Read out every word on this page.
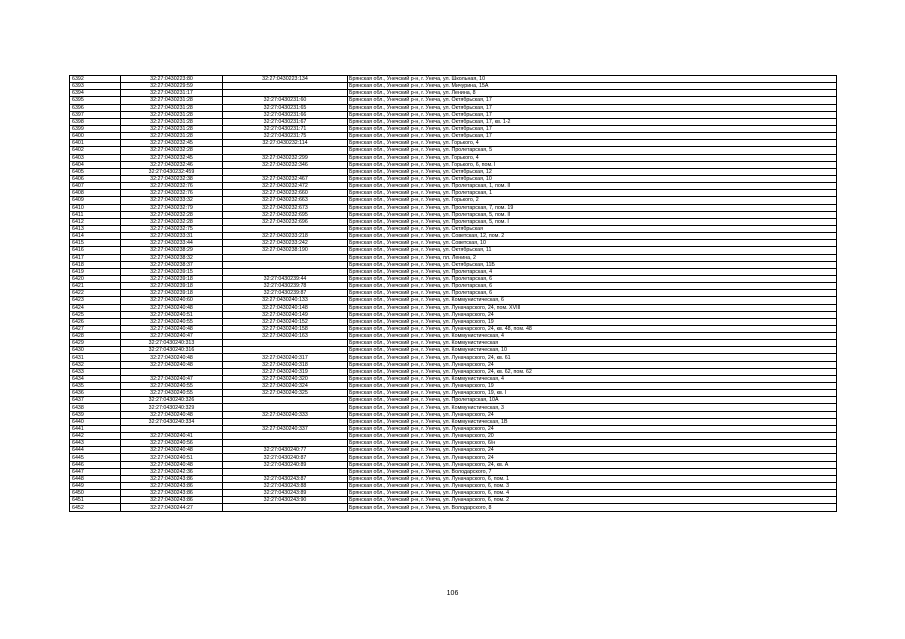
6392	32:27:0430223:80	32:27:0430223:134	Брянская обл., Унечский р-н, г. Унеча, ул. Школьная, 10
6393	32:27:0430229:59		Брянская обл., Унечский р-н, г. Унеча, ул. Мичурина, 15А
6394	32:27:0430231:17		Брянская обл., Унечский р-н, г. Унеча, ул. Ленина, 8
6395	32:27:0430231:28	32:27:0430231:60	Брянская обл., Унечский р-н, г. Унеча, ул. Октябрьская, 17
6396	32:27:0430231:28	32:27:0430231:65	Брянская обл., Унечский р-н, г. Унеча, ул. Октябрьская, 17
6397	32:27:0430231:28	32:27:0430231:66	Брянская обл., Унечский р-н, г. Унеча, ул. Октябрьская, 17
6398	32:27:0430231:28	32:27:0430231:67	Брянская обл., Унечский р-н, г. Унеча, ул. Октябрьская, 17, кв. 1-2
6399	32:27:0430231:28	32:27:0430231:71	Брянская обл., Унечский р-н, г. Унеча, ул. Октябрьская, 17
6400	32:27:0430231:28	32:27:0430231:75	Брянская обл., Унечский р-н, г. Унеча, ул. Октябрьская, 17
6401	32:27:0430232:45	32:27:0430232:114	Брянская обл., Унечский р-н, г. Унеча, ул. Горького, 4
6402	32:27:0430232:28		Брянская обл., Унечский р-н, г. Унеча, ул. Пролетарская, 5
6403	32:27:0430232:45	32:27:0430232:299	Брянская обл., Унечский р-н, г. Унеча, ул. Горького, 4
6404	32:27:0430232:46	32:27:0430232:346	Брянская обл., Унечский р-н, г. Унеча, ул. Горького, 6, пом. I
6405	32:27:0430232:459		Брянская обл., Унечский р-н, г. Унеча, ул. Октябрьская, 12
6406	32:27:0430232:38	32:27:0430232:467	Брянская обл., Унечский р-н, г. Унеча, ул. Октябрьская, 10
6407	32:27:0430232:76	32:27:0430232:472	Брянская обл., Унечский р-н, г. Унеча, ул. Пролетарская, 1, пом. II
6408	32:27:0430232:76	32:27:0430232:660	Брянская обл., Унечский р-н, г. Унеча, ул. Пролетарская, 1
6409	32:27:0430233:32	32:27:0430232:663	Брянская обл., Унечский р-н, г. Унеча, ул. Горького, 2
6410	32:27:0430232:79	32:27:0430232:673	Брянская обл., Унечский р-н, г. Унеча, ул. Пролетарская, 7, пом. 19
6411	32:27:0430232:28	32:27:0430232:695	Брянская обл., Унечский р-н, г. Унеча, ул. Пролетарская, 5, пом. II
6412	32:27:0430232:28	32:27:0430232:696	Брянская обл., Унечский р-н, г. Унеча, ул. Пролетарская, 5, пом. I
6413	32:27:0430232:75		Брянская обл., Унечский р-н, г. Унеча, ул. Октябрьская
6414	32:27:0430233:31	32:27:0430233:218	Брянская обл., Унечский р-н, г. Унеча, ул. Советская, 12, пом. 2
6415	32:27:0430233:44	32:27:0430233:242	Брянская обл., Унечский р-н, г. Унеча, ул. Советская, 10
6416	32:27:0430238:29	32:27:0430238:190	Брянская обл., Унечский р-н, г. Унеча, ул. Октябрьская, 11
6417	32:27:0430238:32		Брянская обл., Унечский р-н, г. Унеча, пл. Ленина, 2
6418	32:27:0430238:37		Брянская обл., Унечский р-н, г. Унеча, ул. Октябрьская, 11Б
6419	32:27:0430239:15		Брянская обл., Унечский р-н, г. Унеча, ул. Пролетарская, 4
6420	32:27:0430239:18	32:27:0430239:44	Брянская обл., Унечский р-н, г. Унеча, ул. Пролетарская, 6
6421	32:27:0430239:18	32:27:0430239:78	Брянская обл., Унечский р-н, г. Унеча, ул. Пролетарская, 6
6422	32:27:0430239:18	32:27:0430239:87	Брянская обл., Унечский р-н, г. Унеча, ул. Пролетарская, 6
6423	32:27:0430240:60	32:27:0430240:133	Брянская обл., Унечский р-н, г. Унеча, ул. Коммунистическая, 6
6424	32:27:0430240:48	32:27:0430240:148	Брянская обл., Унечский р-н, г. Унеча, ул. Луначарского, 24, пом. XVIII
6425	32:27:0430240:51	32:27:0430240:149	Брянская обл., Унечский р-н, г. Унеча, ул. Луначарского, 24
6426	32:27:0430240:55	32:27:0430240:152	Брянская обл., Унечский р-н, г. Унеча, ул. Луначарского, 19
6427	32:27:0430240:48	32:27:0430240:158	Брянская обл., Унечский р-н, г. Унеча, ул. Луначарского, 24, кв. 48, пом. 48
6428	32:27:0430240:47	32:27:0430240:163	Брянская обл., Унечский р-н, г. Унеча, ул. Коммунистическая, 4
6429	32:27:0430240:313		Брянская обл., Унечский р-н, г. Унеча, ул. Коммунистическая
6430	32:27:0430240:316		Брянская обл., Унечский р-н, г. Унеча, ул. Коммунистическая, 10
6431	32:27:0430240:48	32:27:0430240:317	Брянская обл., Унечский р-н, г. Унеча, ул. Луначарского, 24, кв. 61
6432	32:27:0430240:48	32:27:0430240:318	Брянская обл., Унечский р-н, г. Унеча, ул. Луначарского, 24
6433		32:27:0430240:319	Брянская обл., Унечский р-н, г. Унеча, ул. Луначарского, 24, кв. 62, пом. 62
6434	32:27:0430240:47	32:27:0430240:320	Брянская обл., Унечский р-н, г. Унеча, ул. Коммунистическая, 4
6435	32:27:0430240:55	32:27:0430240:324	Брянская обл., Унечский р-н, г. Унеча, ул. Луначарского, 19
6436	32:27:0430240:55	32:27:0430240:325	Брянская обл., Унечский р-н, г. Унеча, ул. Луначарского, 19, кв. I
6437	32:27:0430240:326		Брянская обл., Унечский р-н, г. Унеча, ул. Пролетарская, 10А
6438	32:27:0430240:329		Брянская обл., Унечский р-н, г. Унеча, ул. Коммунистическая, 3
6439	32:27:0430240:48	32:27:0430240:333	Брянская обл., Унечский р-н, г. Унеча, ул. Луначарского, 24
6440	32:27:0430240:334		Брянская обл., Унечский р-н, г. Унеча, ул. Коммунистическая, 1В
6441		32:27:0430240:337	Брянская обл., Унечский р-н, г. Унеча, ул. Луначарского, 24
6442	32:27:0430240:41		Брянская обл., Унечский р-н, г. Унеча, ул. Луначарского, 20
6443	32:27:0430240:56		Брянская обл., Унечский р-н, г. Унеча, ул. Луначарского, 6/н
6444	32:27:0430240:48	32:27:0430240:77	Брянская обл., Унечский р-н, г. Унеча, ул. Луначарского, 24
6445	32:27:0430240:51	32:27:0430240:87	Брянская обл., Унечский р-н, г. Унеча, ул. Луначарского, 24
6446	32:27:0430240:48	32:27:0430240:89	Брянская обл., Унечский р-н, г. Унеча, ул. Луначарского, 24, кв. А
6447	32:27:0430242:36		Брянская обл., Унечский р-н, г. Унеча, ул. Володарского, 7
6448	32:27:0430243:86	32:27:0430243:87	Брянская обл., Унечский р-н, г. Унеча, ул. Луначарского, 6, пом. 1
6449	32:27:0430243:86	32:27:0430243:88	Брянская обл., Унечский р-н, г. Унеча, ул. Луначарского, 6, пом. 3
6450	32:27:0430243:86	32:27:0430243:89	Брянская обл., Унечский р-н, г. Унеча, ул. Луначарского, 6, пом. 4
6451	32:27:0430243:86	32:27:0430243:90	Брянская обл., Унечский р-н, г. Унеча, ул. Луначарского, 6, пом. 2
6452	32:27:0430244:27		Брянская обл., Унечский р-н, г. Унеча, ул. Володарского, 8
106
